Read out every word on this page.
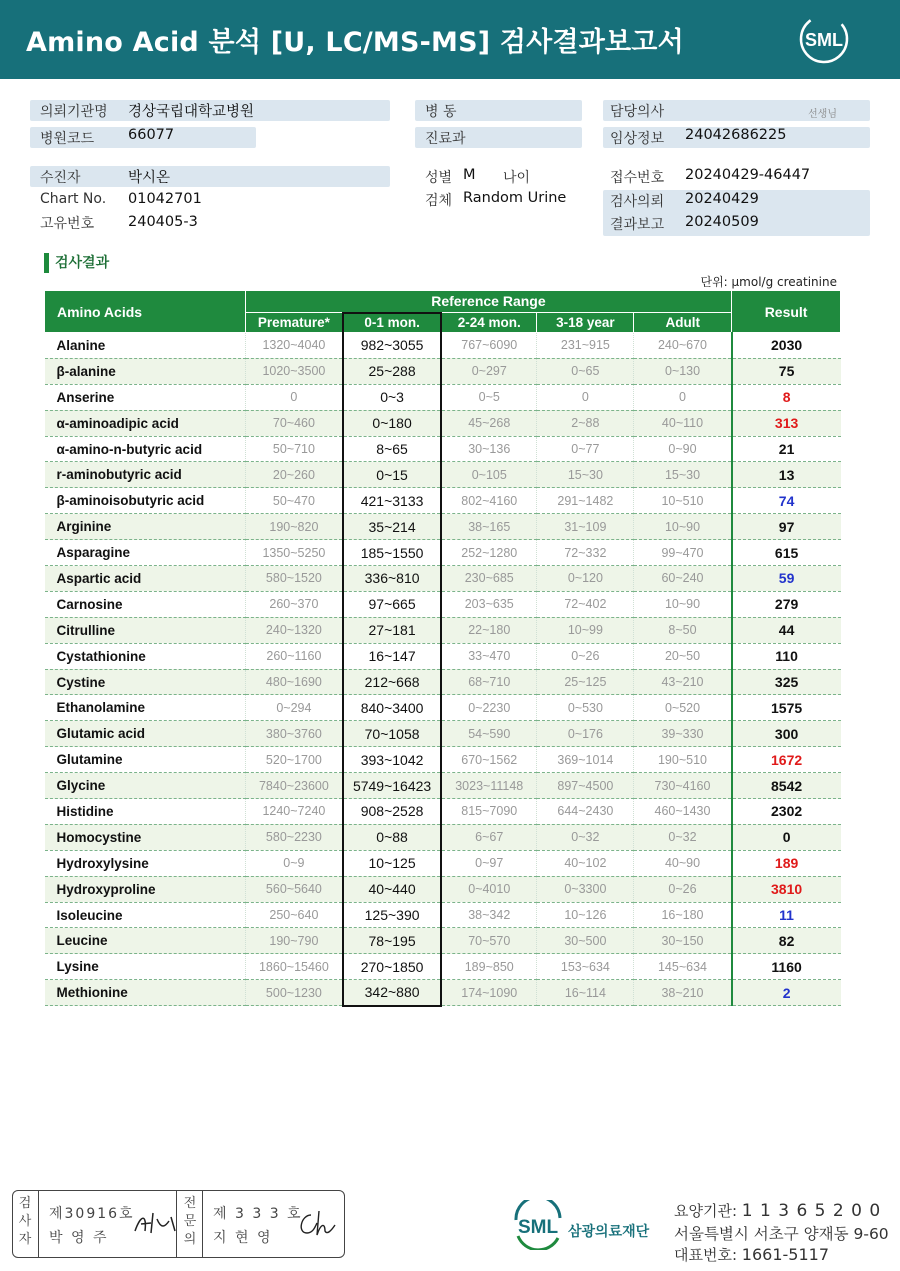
Amino Acid 분석 [U, LC/MS-MS] 검사결과보고서	SML
의뢰기관명 경상국립대학교병원
병원코드 66077
병 동
진료과
담당의사	선생님
임상정보 24042686225
수진자	박시온
Chart No. 01042701
고유번호 240405-3
성별 M 나이
검체 Random Urine
접수번호 20240429-46447
검사의뢰 20240429
결과보고 20240509
검사결과
단위: μmol/g creatinine
Amino Acids	Reference Range					Result
	Premature*	0-1 mon.	2-24 mon.	3-18 year	Adult	
Alanine	1320~4040	982~3055	767~6090	231~915	240~670	2030
β-alanine	1020~3500	25~288	0~297	0~65	0~130	75
Anserine	0	0~3	0~5	0	0	8
α-aminoadipic acid	70~460	0~180	45~268	2~88	40~110	313
α-amino-n-butyric acid	50~710	8~65	30~136	0~77	0~90	21
r-aminobutyric acid	20~260	0~15	0~105	15~30	15~30	13
β-aminoisobutyric acid	50~470	421~3133	802~4160	291~1482	10~510	74
Arginine	190~820	35~214	38~165	31~109	10~90	97
Asparagine	1350~5250	185~1550	252~1280	72~332	99~470	615
Aspartic acid	580~1520	336~810	230~685	0~120	60~240	59
Carnosine	260~370	97~665	203~635	72~402	10~90	279
Citrulline	240~1320	27~181	22~180	10~99	8~50	44
Cystathionine	260~1160	16~147	33~470	0~26	20~50	110
Cystine	480~1690	212~668	68~710	25~125	43~210	325
Ethanolamine	0~294	840~3400	0~2230	0~530	0~520	1575
Glutamic acid	380~3760	70~1058	54~590	0~176	39~330	300
Glutamine	520~1700	393~1042	670~1562	369~1014	190~510	1672
Glycine	7840~23600	5749~16423	3023~11148	897~4500	730~4160	8542
Histidine	1240~7240	908~2528	815~7090	644~2430	460~1430	2302
Homocystine	580~2230	0~88	6~67	0~32	0~32	0
Hydroxylysine	0~9	10~125	0~97	40~102	40~90	189
Hydroxyproline	560~5640	40~440	0~4010	0~3300	0~26	3810
Isoleucine	250~640	125~390	38~342	10~126	16~180	11
Leucine	190~790	78~195	70~570	30~500	30~150	82
Lysine	1860~15460	270~1850	189~850	153~634	145~634	1160
Methionine	500~1230	342~880	174~1090	16~114	38~210	2
검
사
자
제30916호
박 영 주
전
문
의
제 3 3 3 호
지 현 영	SML 삼광의료재단
요양기관: 1 1 3 6 5 2 0 0
서울특별시 서초구 양재동 9-60
대표번호: 1661-5117
